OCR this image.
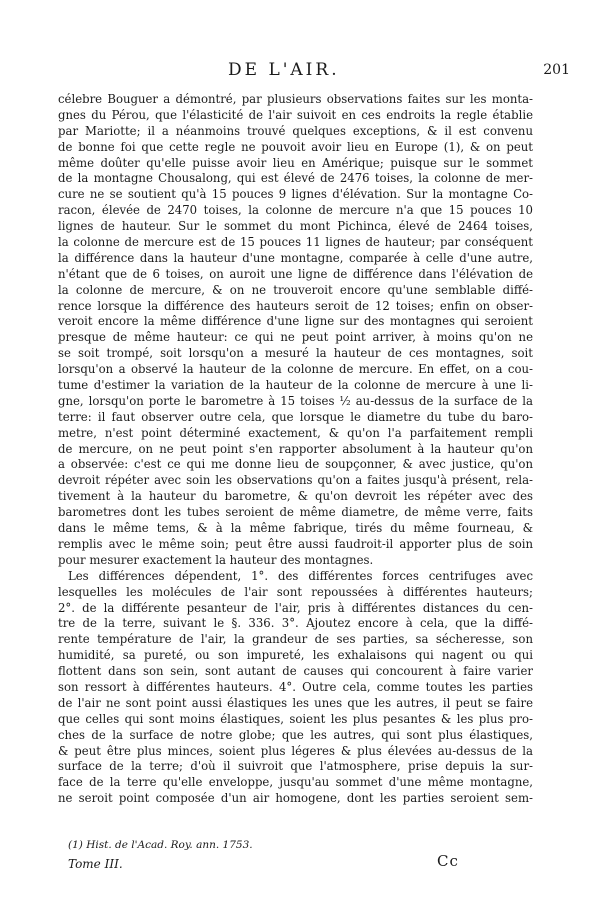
DE L'AIR.	201
célebre Bouguer a démontré, par plusieurs observations faites sur les monta-
gnes du Pérou, que l'élasticité de l'air suivoit en ces endroits la regle établie
par Mariotte; il a néanmoins trouvé quelques exceptions, & il est convenu
de bonne foi que cette regle ne pouvoit avoir lieu en Europe (1), & on peut
même doûter qu'elle puisse avoir lieu en Amérique; puisque sur le sommet
de la montagne Chousalong, qui est élevé de 2476 toises, la colonne de mer-
cure ne se soutient qu'à 15 pouces 9 lignes d'élévation. Sur la montagne Co-
racon, élevée de 2470 toises, la colonne de mercure n'a que 15 pouces 10
lignes de hauteur. Sur le sommet du mont Pichinca, élevé de 2464 toises,
la colonne de mercure est de 15 pouces 11 lignes de hauteur; par conséquent
la différence dans la hauteur d'une montagne, comparée à celle d'une autre,
n'étant que de 6 toises, on auroit une ligne de différence dans l'élévation de
la colonne de mercure, & on ne trouveroit encore qu'une semblable diffé-
rence lorsque la différence des hauteurs seroit de 12 toises; enfin on obser-
veroit encore la même différence d'une ligne sur des montagnes qui seroient
presque de même hauteur: ce qui ne peut point arriver, à moins qu'on ne
se soit trompé, soit lorsqu'on a mesuré la hauteur de ces montagnes, soit
lorsqu'on a observé la hauteur de la colonne de mercure. En effet, on a cou-
tume d'estimer la variation de la hauteur de la colonne de mercure à une li-
gne, lorsqu'on porte le barometre à 15 toises ½ au-dessus de la surface de la
terre: il faut observer outre cela, que lorsque le diametre du tube du baro-
metre, n'est point déterminé exactement, & qu'on l'a parfaitement rempli
de mercure, on ne peut point s'en rapporter absolument à la hauteur qu'on
a observée: c'est ce qui me donne lieu de soupçonner, & avec justice, qu'on
devroit répéter avec soin les observations qu'on a faites jusqu'à présent, rela-
tivement à la hauteur du barometre, & qu'on devroit les répéter avec des
barometres dont les tubes seroient de même diametre, de même verre, faits
dans le même tems, & à la même fabrique, tirés du même fourneau, &
remplis avec le même soin; peut être aussi faudroit-il apporter plus de soin
pour mesurer exactement la hauteur des montagnes.
Les différences dépendent, 1°. des différentes forces centrifuges avec
lesquelles les molécules de l'air sont repoussées à différentes hauteurs;
2°. de la différente pesanteur de l'air, pris à différentes distances du cen-
tre de la terre, suivant le §. 336. 3°. Ajoutez encore à cela, que la diffé-
rente température de l'air, la grandeur de ses parties, sa sécheresse, son
humidité, sa pureté, ou son impureté, les exhalaisons qui nagent ou qui
flottent dans son sein, sont autant de causes qui concourent à faire varier
son ressort à différentes hauteurs. 4°. Outre cela, comme toutes les parties
de l'air ne sont point aussi élastiques les unes que les autres, il peut se faire
que celles qui sont moins élastiques, soient les plus pesantes & les plus pro-
ches de la surface de notre globe; que les autres, qui sont plus élastiques,
& peut être plus minces, soient plus légeres & plus élevées au-dessus de la
surface de la terre; d'où il suivroit que l'atmosphere, prise depuis la sur-
face de la terre qu'elle enveloppe, jusqu'au sommet d'une même montagne,
ne seroit point composée d'un air homogene, dont les parties seroient sem-
(1) Hist. de l'Acad. Roy. ann. 1753.
Tome III.	Cc
